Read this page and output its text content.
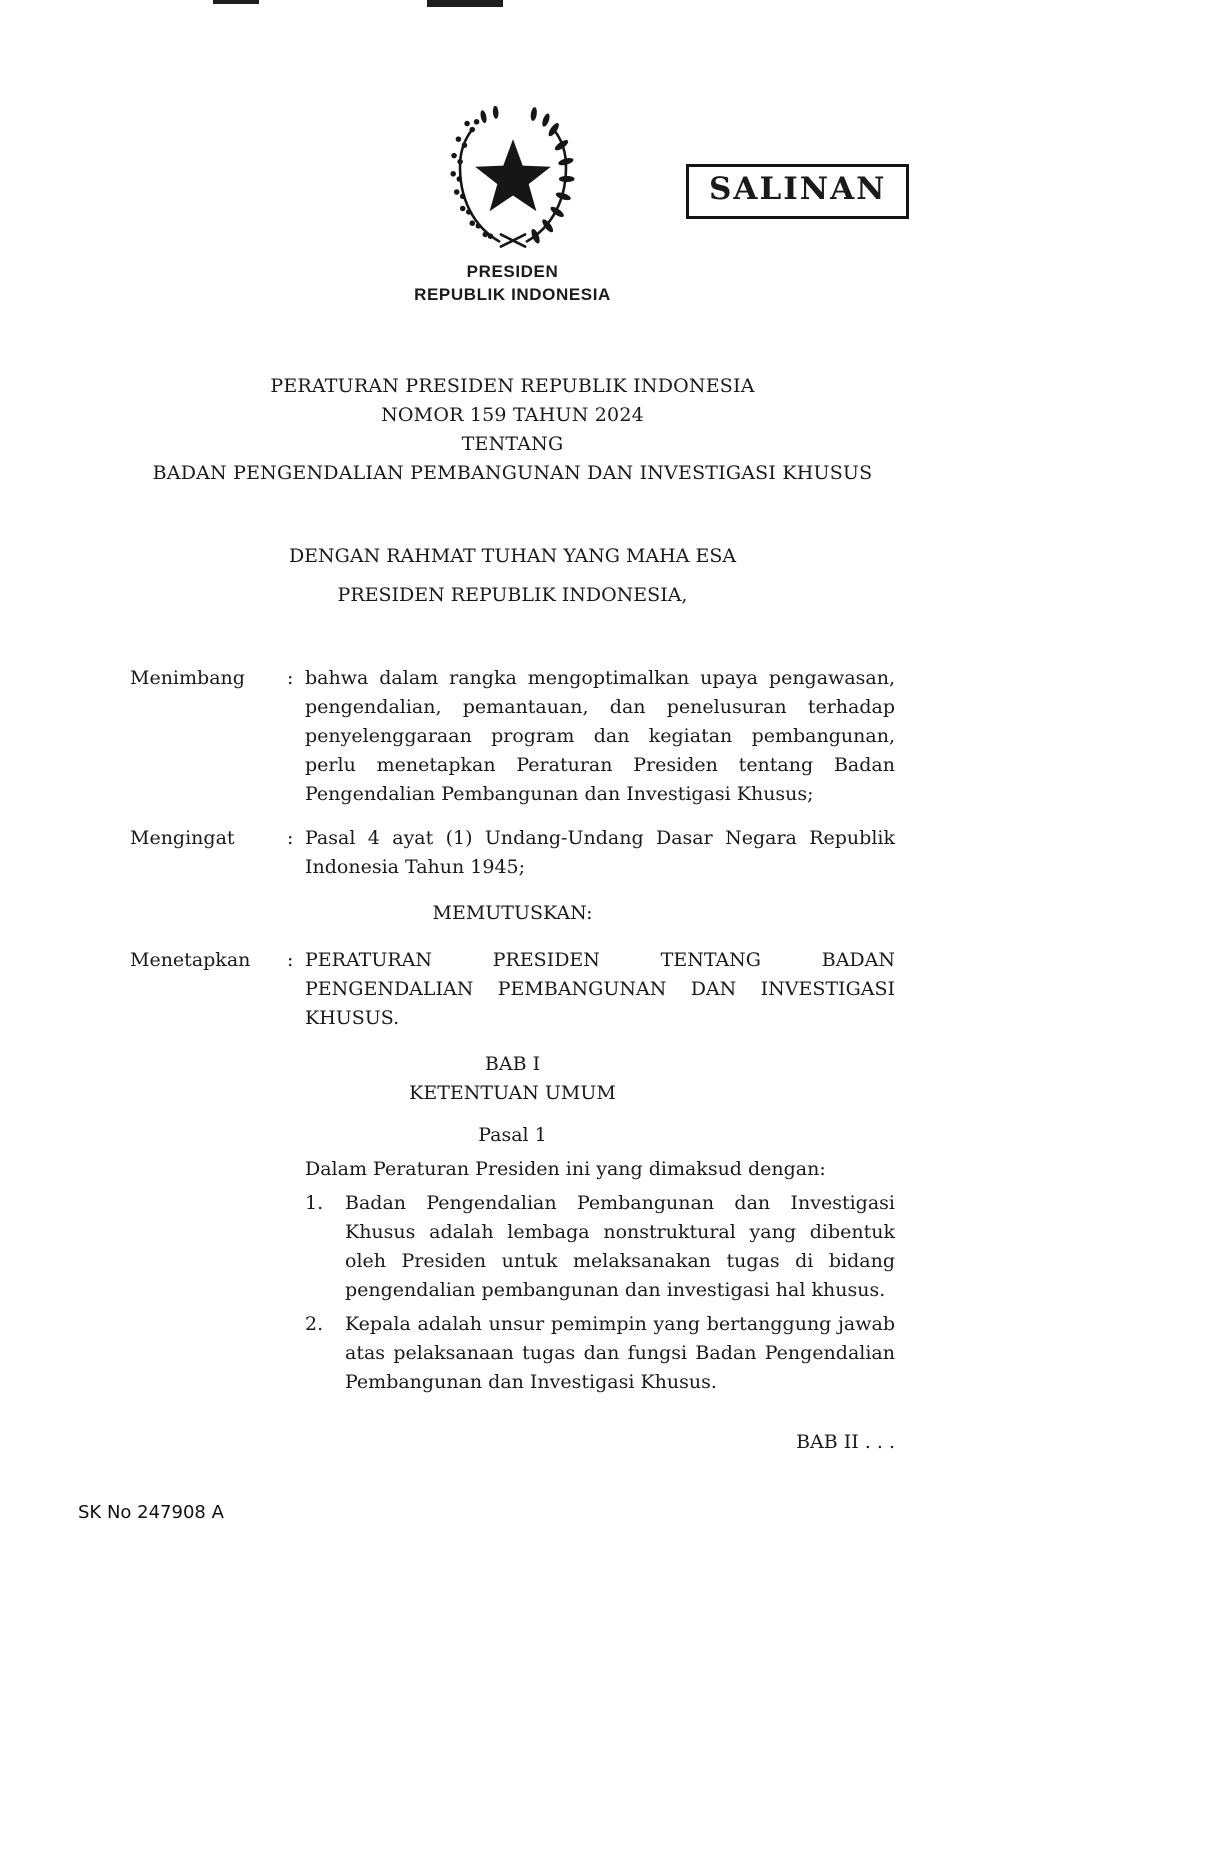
SALINAN
PRESIDEN
REPUBLIK INDONESIA
PERATURAN PRESIDEN REPUBLIK INDONESIA
NOMOR 159 TAHUN 2024
TENTANG
BADAN PENGENDALIAN PEMBANGUNAN DAN INVESTIGASI KHUSUS
DENGAN RAHMAT TUHAN YANG MAHA ESA
PRESIDEN REPUBLIK INDONESIA,
Menimbang	: bahwa dalam rangka mengoptimalkan upaya pengawasan, pengendalian, pemantauan, dan penelusuran terhadap penyelenggaraan program dan kegiatan pembangunan, perlu menetapkan Peraturan Presiden tentang Badan Pengendalian Pembangunan dan Investigasi Khusus;
Mengingat	: Pasal 4 ayat (1) Undang-Undang Dasar Negara Republik Indonesia Tahun 1945;
MEMUTUSKAN:
Menetapkan	: PERATURAN PRESIDEN TENTANG BADAN PENGENDALIAN PEMBANGUNAN DAN INVESTIGASI KHUSUS.
BAB I
KETENTUAN UMUM
Pasal 1
Dalam Peraturan Presiden ini yang dimaksud dengan:
1.	Badan Pengendalian Pembangunan dan Investigasi Khusus adalah lembaga nonstruktural yang dibentuk oleh Presiden untuk melaksanakan tugas di bidang pengendalian pembangunan dan investigasi hal khusus.
2.	Kepala adalah unsur pemimpin yang bertanggung jawab atas pelaksanaan tugas dan fungsi Badan Pengendalian Pembangunan dan Investigasi Khusus.
BAB II . . .
SK No 247908 A
